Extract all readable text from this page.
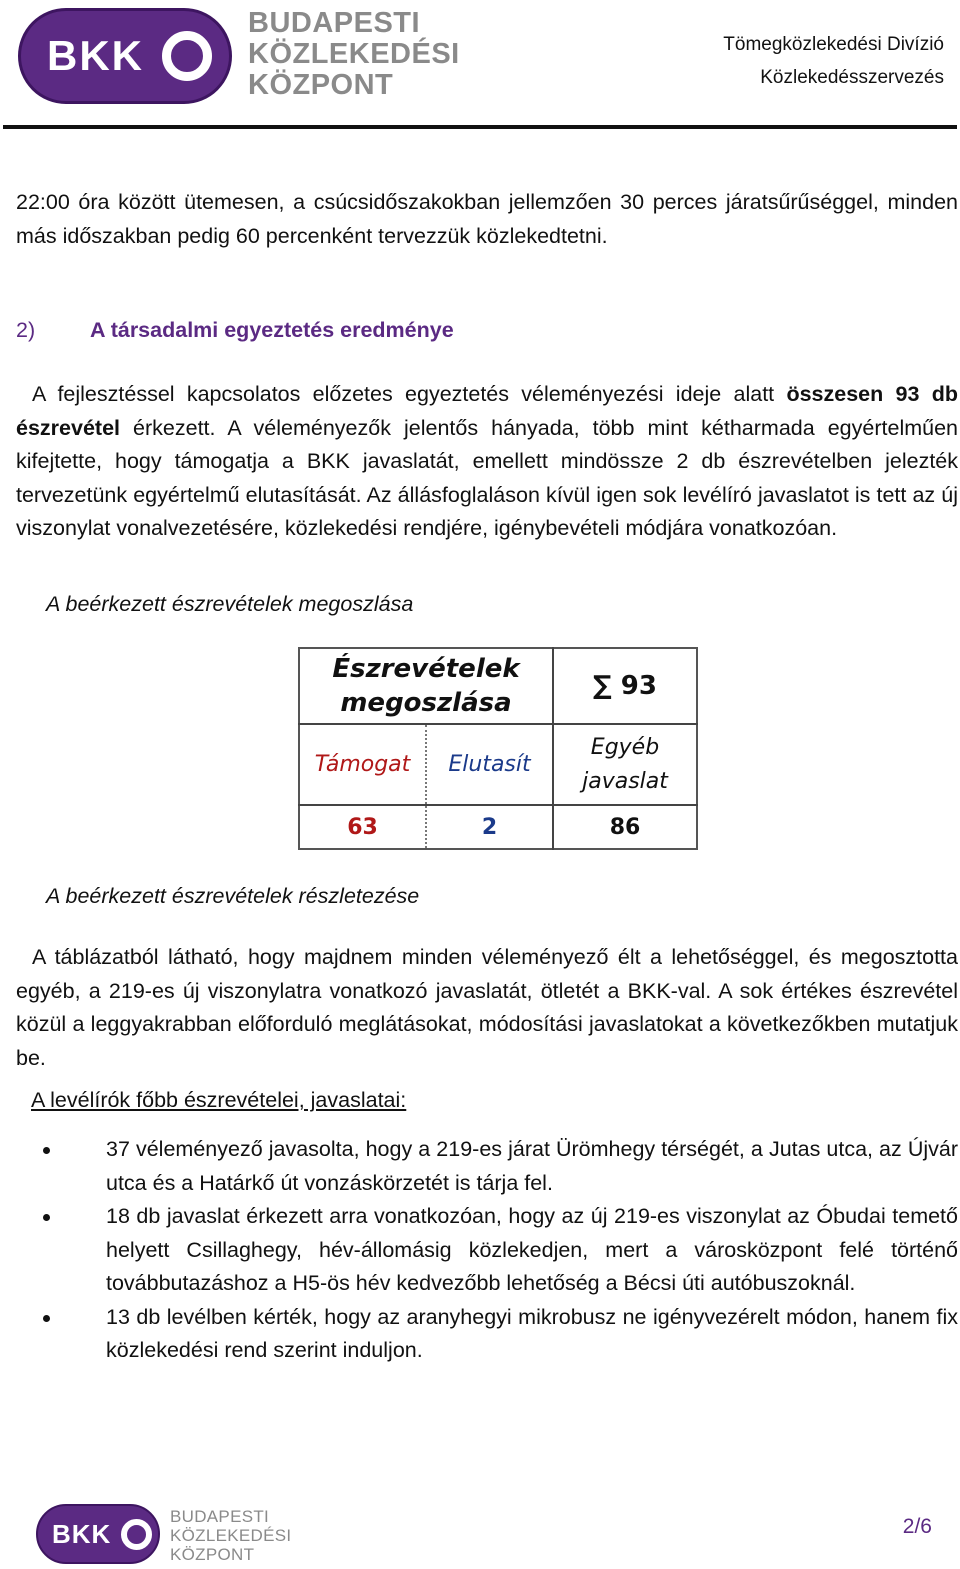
BKK
BUDAPESTI
KÖZLEKEDÉSI
KÖZPONT
Tömegközlekedési Divízió
Közlekedésszervezés
22:00 óra között ütemesen, a csúcsidőszakokban jellemzően 30 perces járatsűrűséggel, minden más időszakban pedig 60 percenként tervezzük közlekedtetni.
2)	A társadalmi egyeztetés eredménye
A fejlesztéssel kapcsolatos előzetes egyeztetés véleményezési ideje alatt összesen 93 db észrevétel érkezett. A véleményezők jelentős hányada, több mint kétharmada egyértelműen kifejtette, hogy támogatja a BKK javaslatát, emellett mindössze 2 db észrevételben jelezték tervezetünk egyértelmű elutasítását. Az állásfoglaláson kívül igen sok levélíró javaslatot is tett az új viszonylat vonalvezetésére, közlekedési rendjére, igénybevételi módjára vonatkozóan.
A beérkezett észrevételek megoszlása
Észrevételek
megoszlása		∑ 93
Támogat	Elutasít	Egyéb javaslat
63	2	86
A beérkezett észrevételek részletezése
A táblázatból látható, hogy majdnem minden véleményező élt a lehetőséggel, és megosztotta egyéb, a 219-es új viszonylatra vonatkozó javaslatát, ötletét a BKK-val. A sok értékes észrevétel közül a leggyakrabban előforduló meglátásokat, módosítási javaslatokat a következőkben mutatjuk be.
A levélírók főbb észrevételei, javaslatai:
37 véleményező javasolta, hogy a 219-es járat Ürömhegy térségét, a Jutas utca, az Újvár utca és a Határkő út vonzáskörzetét is tárja fel.
18 db javaslat érkezett arra vonatkozóan, hogy az új 219-es viszonylat az Óbudai temető helyett Csillaghegy, hév-állomásig közlekedjen, mert a városközpont felé történő továbbutazáshoz a H5-ös hév kedvezőbb lehetőség a Bécsi úti autóbuszoknál.
13 db levélben kérték, hogy az aranyhegyi mikrobusz ne igényvezérelt módon, hanem fix közlekedési rend szerint induljon.
BKK
BUDAPESTI
KÖZLEKEDÉSI
KÖZPONT
2/6
